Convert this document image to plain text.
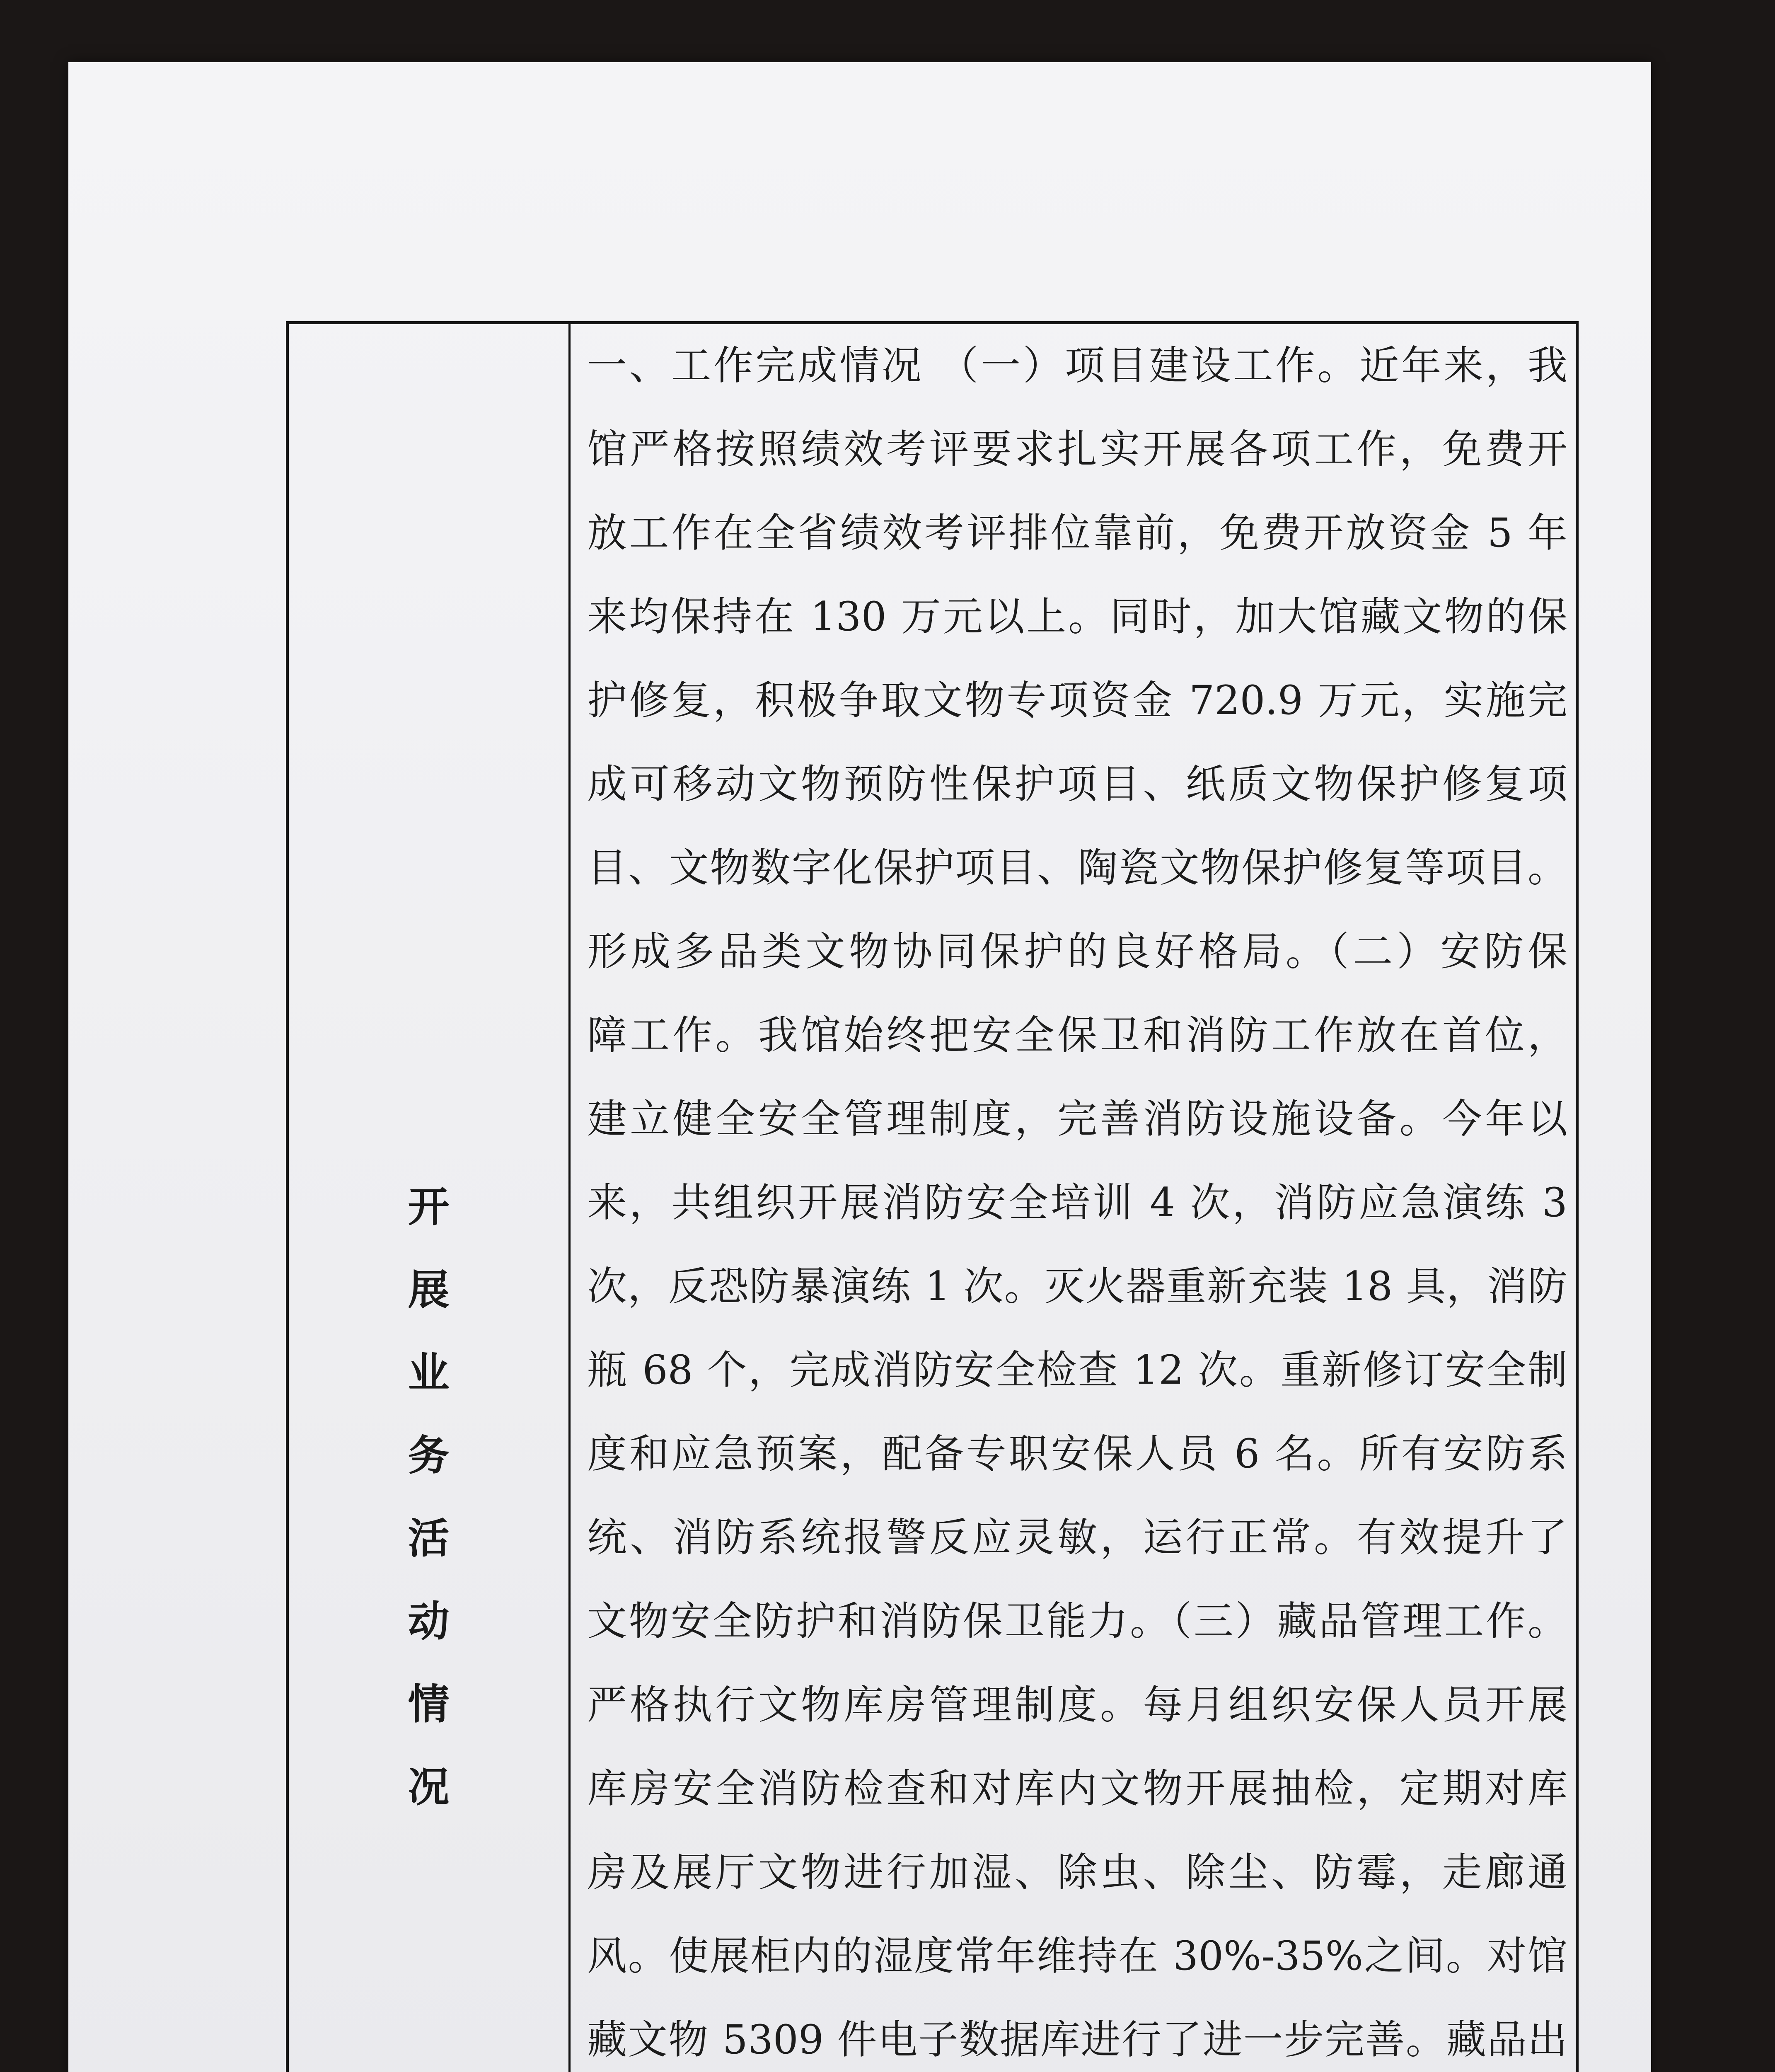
开
展
业
务
活
动
情
况
一、工作完成情况 （一）项目建设工作。近年来，我
馆严格按照绩效考评要求扎实开展各项工作，免费开
放工作在全省绩效考评排位靠前，免费开放资金 5 年
来均保持在 130 万元以上。同时，加大馆藏文物的保
护修复，积极争取文物专项资金 720.9 万元，实施完
成可移动文物预防性保护项目、纸质文物保护修复项
目、文物数字化保护项目、陶瓷文物保护修复等项目。
形成多品类文物协同保护的良好格局。（二）安防保
障工作。我馆始终把安全保卫和消防工作放在首位，
建立健全安全管理制度，完善消防设施设备。今年以
来，共组织开展消防安全培训 4 次，消防应急演练 3
次，反恐防暴演练 1 次。灭火器重新充装 18 具，消防
瓶 68 个，完成消防安全检查 12 次。重新修订安全制
度和应急预案，配备专职安保人员 6 名。所有安防系
统、消防系统报警反应灵敏，运行正常。有效提升了
文物安全防护和消防保卫能力。（三）藏品管理工作。
严格执行文物库房管理制度。每月组织安保人员开展
库房安全消防检查和对库内文物开展抽检，定期对库
房及展厅文物进行加湿、除虫、除尘、防霉，走廊通
风。使展柜内的湿度常年维持在 30%-35%之间。对馆
藏文物 5309 件电子数据库进行了进一步完善。藏品出
